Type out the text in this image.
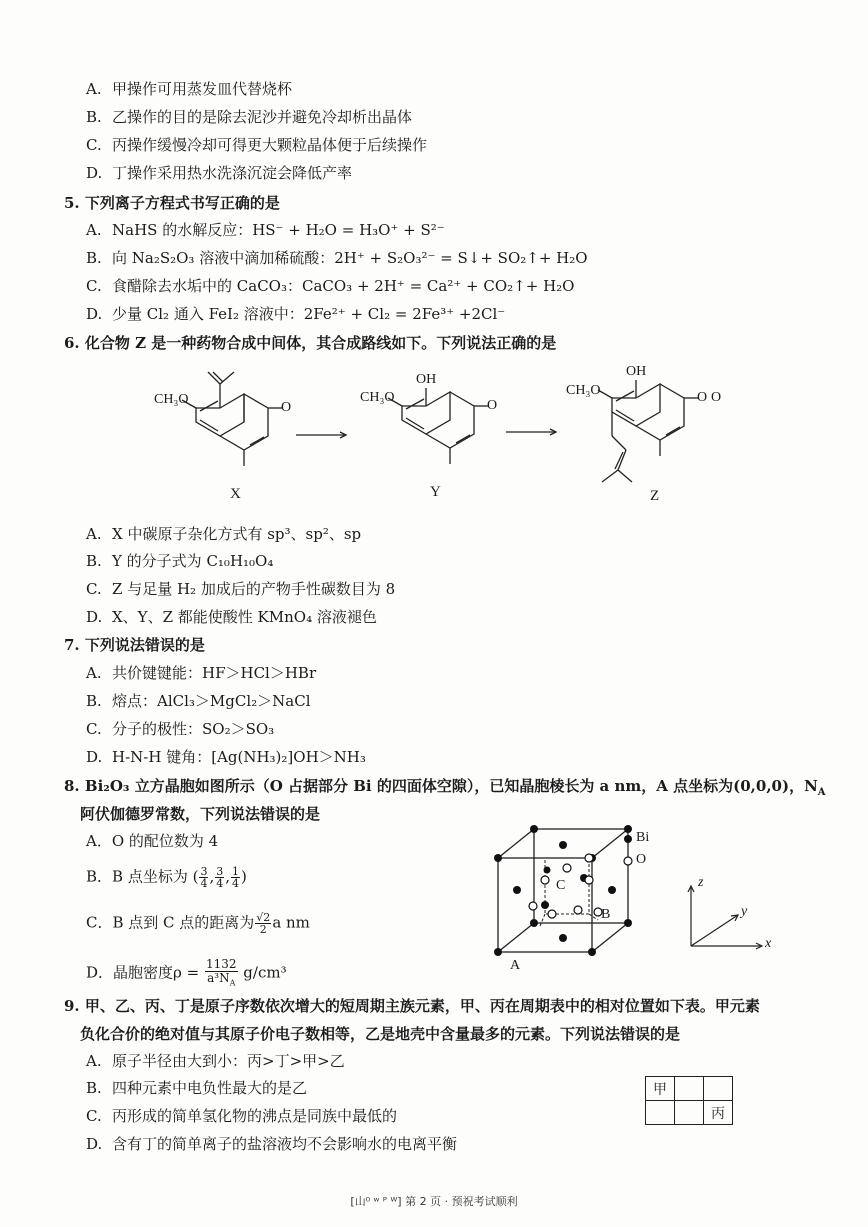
A. 甲操作可用蒸发皿代替烧杯
B. 乙操作的目的是除去泥沙并避免冷却析出晶体
C. 丙操作缓慢冷却可得更大颗粒晶体便于后续操作
D. 丁操作采用热水洗涤沉淀会降低产率
5. 下列离子方程式书写正确的是
A. NaHS 的水解反应：HS⁻ + H₂O = H₃O⁺ + S²⁻
B. 向 Na₂S₂O₃ 溶液中滴加稀硫酸：2H⁺ + S₂O₃²⁻ = S↓+ SO₂↑+ H₂O
C. 食醋除去水垢中的 CaCO₃：CaCO₃ + 2H⁺ = Ca²⁺ + CO₂↑+ H₂O
D. 少量 Cl₂ 通入 FeI₂ 溶液中：2Fe²⁺ + Cl₂ = 2Fe³⁺ +2Cl⁻
6. 化合物 Z 是一种药物合成中间体，其合成路线如下。下列说法正确的是
CH₃O
O
X
CH₃O
OH
O
Y
CH₃O
OH
O O
Z
A. X 中碳原子杂化方式有 sp³、sp²、sp
B. Y 的分子式为 C₁₀H₁₀O₄
C. Z 与足量 H₂ 加成后的产物手性碳数目为 8
D. X、Y、Z 都能使酸性 KMnO₄ 溶液褪色
7. 下列说法错误的是
A. 共价键键能：HF＞HCl＞HBr
B. 熔点：AlCl₃＞MgCl₂＞NaCl
C. 分子的极性：SO₂＞SO₃
D. H-N-H 键角：[Ag(NH₃)₂]OH＞NH₃
8. Bi₂O₃ 立方晶胞如图所示（O 占据部分 Bi 的四面体空隙），已知晶胞棱长为 a nm，A 点坐标为(0,0,0)，$N_A$
阿伏伽德罗常数，下列说法错误的是
A．O 的配位数为 4
B．B 点坐标为 ( $\frac{3}{4}$ , $\frac{3}{4}$ , $\frac{1}{4}$ )
C．B 点到 C 点的距离为 $\frac{√2}{2}$ a nm
D．晶胞密度$\rho = \frac{1132}{a^3N_A} g/cm^3$
Bi
O
A
B
C
x
y
z
9. 甲、乙、丙、丁是原子序数依次增大的短周期主族元素，甲、丙在周期表中的相对位置如下表。甲元素
负化合价的绝对值与其原子价电子数相等，乙是地壳中含量最多的元素。下列说法错误的是
A. 原子半径由大到小：丙>丁>甲>乙
B. 四种元素中电负性最大的是乙
C. 丙形成的简单氢化物的沸点是同族中最低的
D. 含有丁的简单离子的盐溶液均不会影响水的电离平衡
甲		
		丙
[山⁰ ʷ ᴾ ᵂ] 第 2 页 · 预祝考试顺利
